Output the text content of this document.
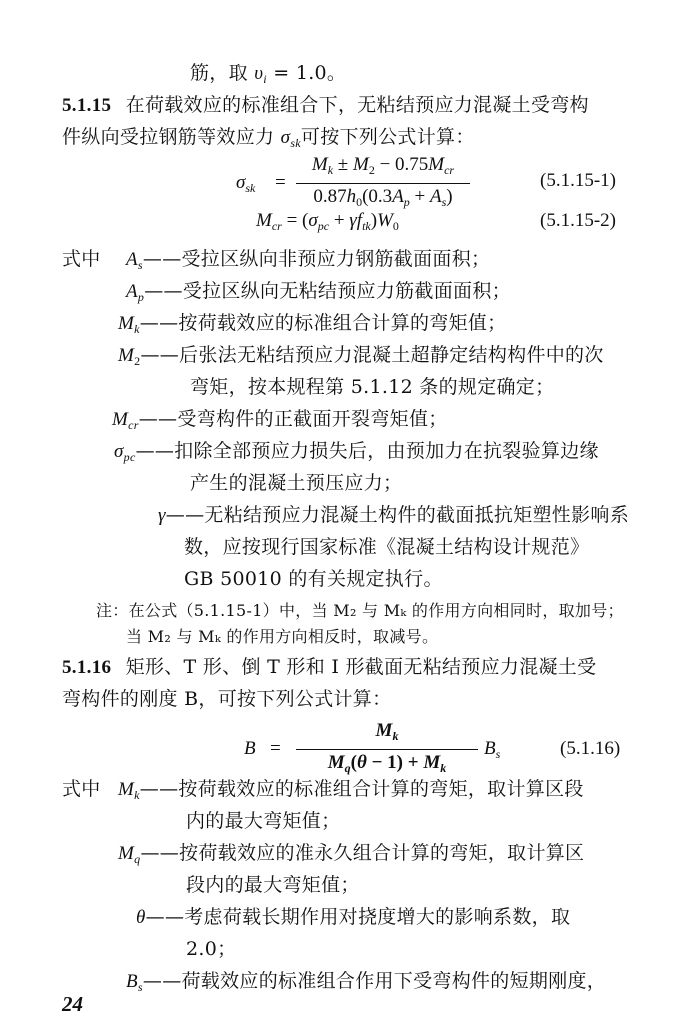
筋，取 $\upsilon_i = 1.0$。
5.1.15 在荷载效应的标准组合下，无粘结预应力混凝土受弯构
件纵向受拉钢筋等效应力 $\sigma_{sk}$可按下列公式计算：
$\sigma_{sk}$ =
$M_k \pm M_2 - 0.75M_{cr}$
$0.87h_0(0.3A_p + A_s)$
(5.1.15-1)
$M_{cr} = (\sigma_{pc} + \gamma f_{tk})W_0$	(5.1.15-2)
式中 $A_s——$受拉区纵向非预应力钢筋截面面积；
$A_p——$受拉区纵向无粘结预应力筋截面面积；
$M_k——$按荷载效应的标准组合计算的弯矩值；
$M_2——$后张法无粘结预应力混凝土超静定结构构件中的次
弯矩，按本规程第 5.1.12 条的规定确定；
$M_{cr}——$受弯构件的正截面开裂弯矩值；
$\sigma_{pc}——$扣除全部预应力损失后，由预加力在抗裂验算边缘
产生的混凝土预压应力；
γ——无粘结预应力混凝土构件的截面抵抗矩塑性影响系
数，应按现行国家标准《混凝土结构设计规范》
GB 50010 的有关规定执行。
注：在公式（5.1.15-1）中，当 M₂ 与 Mₖ 的作用方向相同时，取加号；
当 M₂ 与 Mₖ 的作用方向相反时，取减号。
5.1.16 矩形、T 形、倒 T 形和 I 形截面无粘结预应力混凝土受
弯构件的刚度 B，可按下列公式计算：
B =
$M_k$
$M_q(\theta - 1) + M_k$
$B_s$	(5.1.16)
式中 $M_k——$按荷载效应的标准组合计算的弯矩，取计算区段
内的最大弯矩值；
$M_q——$按荷载效应的准永久组合计算的弯矩，取计算区
段内的最大弯矩值；
θ——考虑荷载长期作用对挠度增大的影响系数，取
2.0；
$B_s——$荷载效应的标准组合作用下受弯构件的短期刚度，
24
